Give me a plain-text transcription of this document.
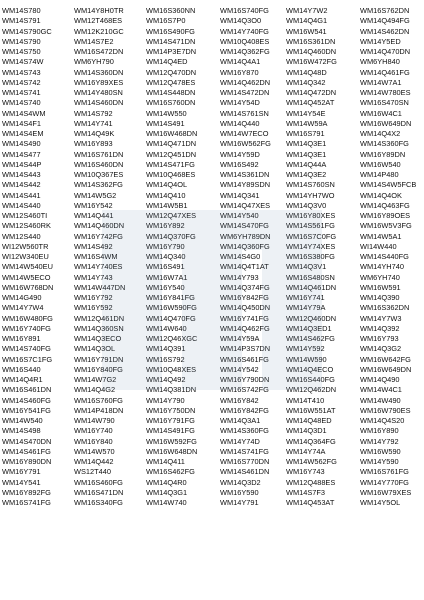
WM14S780	WM14Y8H0TR	WM16S360NN	WM16S740FG	WM14Y7W2	WM16S762DN
WM14S791	WM12T468ES	WM16S7P0	WM14Q3O0	WM14Q4G1	WM14Q494FG
WM14S790GC	WM12K210GC	WM16S490FG	WM14Y740FG	WM16W541	WM14S462DN
WM14S790	WM14S7E2	WM14S471DN	WM10Q408ES	WM16S361DN	WM14Y5ED
WM14S750	WM16S472DN	WM14P3E7DN	WM14Q362FG	WM14Q460DN	WM14Q470DN
WM14S74W	WM6YH790	WM14Q4ED	WM14Q4A1	WM16W472FG	WM6YH840
WM14S743	WM14S360DN	WM12Q470DN	WM16Y870	WM14Q48D	WM14Q461FG
WM14S742	WM16Y89XES	WM12Q478ES	WM14Q462DN	WM14Q342	WM14W7A1
WM14S741	WM14Y480SN	WM14S448DN	WM14S472DN	WM14Q472DN	WM14W780ES
WM14S740	WM14S460DN	WM16S760DN	WM14Y54D	WM14Q452AT	WM16S470SN
WM14S4WM	WM14S792	WM14W550	WM14S761SN	WM14Y54E	WM16W4C1
WM14S4F1	WM14Y741	WM14S491	WM14Q440	WM14W59A	WM16W649DN
WM14S4EM	WM14Q49K	WM16W468DN	WM14W7ECO	WM16S791	WM14Q4X2
WM14S490	WM16Y893	WM14Q471DN	WM16W562FG	WM14Q3E1	WM14S360FG
WM14S477	WM16S761DN	WM12Q451DN	WM14Y59D	WM14Q3E1	WM16Y89DN
WM14S44P	WM16S460DN	WM14S471FG	WM16S492	WM14Q44A	WM16W540
WM14S443	WM10Q367ES	WM10Q468ES	WM14S361DN	WM14Q3E2	WM14P480
WM14S442	WM14S362FG	WM14Q4OL	WM14Y89SDN	WM14S760SN	WM14S4W5FCB
WM14S441	WM14W5G2	WM14Q410	WM14Q341	WM14YH7WO	WM14Q4OK
WM14S440	WM16Y542	WM14W5B1	WM14Q47XES	WM14Q3V0	WM14Q463FG
WM12S460TI	WM14Q441	WM12Q47XES	WM14Y540	WM16Y80XES	WM16Y89OES
WM12S460RK	WM14Q460DN	WM16Y892	WM14S470FG	WM14S561FG	WM16W5V3FG
WM12S440	WM16Y742FG	WM14Q370FG	WM6YH789DN	WM16S7C0FG	WM14W5A1
WI12W560TR	WM14S492	WM16Y790	WM14Q360FG	WM14Y74XES	WI14W440
WI12W340EU	WM16S4WM	WM14Q340	WM14S4G0	WM16S380FG	WM14S440FG
WM14W540EU	WM14Y740ES	WM16S491	WM14Q4T1AT	WM14Q3V1	WM14YH740
WM14W5ECO	WM14Y743	WM16W7A1	WM14Y793	WM16S480SN	WM6YH740
WM16W768DN	WM14W447DN	WM16Y540	WM14Q374FG	WM14Q461DN	WM16W591
WM14G490	WM16Y792	WM16Y841FG	WM16Y842FG	WM16Y741	WM14Q390
WM14Y7W4	WM16Y592	WM16W590FG	WM14Q450DN	WM14Y79A	WM16S362DN
WM16W480FG	WM12Q461DN	WM14Q470FG	WM16Y741FG	WM12Q460DN	WM14Y7W3
WM16Y740FG	WM14Q360SN	WM14W640	WM14Q462FG	WM14Q3ED1	WM14Q392
WM16Y891	WM14Q3ECO	WM12Q46XGC	WM14Y59A	WM14S462FG	WM16Y793
WM14S740FG	WM14Q3OL	WM14Q391	WM14P3S7DN	WM14Y592	WM14Q3G2
WM16S7C1FG	WM16Y791DN	WM16S792	WM16S461FG	WM14W590	WM16W642FG
WM16S440	WM16Y840FG	WM10Q48XES	WM14Y542	WM14Q4ECO	WM16W649DN
WM14Q4R1	WM14W7G2	WM14Q492	WM16Y790DN	WM16S440FG	WM14Q490
WM16S461DN	WM14Q4G2	WM14Q381DN	WM16S742FG	WM12Q462DN	WM14W4C1
WM14S460FG	WM16S760FG	WM14Y790	WM16Y842	WM14T410	WM14W490
WM16Y541FG	WM14P418DN	WM16Y750DN	WM16Y842FG	WM16W551AT	WM16W790ES
WM14W540	WM14W790	WM16Y791FG	WM14Q3A1	WM14Q48ED	WM14Q4S20
WM14S498	WM16Y740	WM14S491FG	WM14S360FG	WM14Q3D1	WM16Y890
WM14S470DN	WM16Y840	WM16W592FG	WM14Y74D	WM14Q364FG	WM14Y792
WM14S461FG	WM14W570	WM16W648DN	WM14S741FG	WM14Y74A	WM16W590
WM16Y890DN	WM14Q442	WM14Q411	WM16S770DN	WM14W562FG	WM14Y590
WM16Y791	WS12T440	WM16S462FG	WM14S461DN	WM16Y743	WM16S761FG
WM14Y541	WM16S460FG	WM14Q4R0	WM14Q3D2	WM12Q488ES	WM14Y770FG
WM16Y892FG	WM16S471DN	WM14Q3G1	WM16Y590	WM14S7F3	WM16W79XES
WM16S741FG	WM16S340FG	WM14W740	WM14Y791	WM14Q453AT	WM14Y5OL
